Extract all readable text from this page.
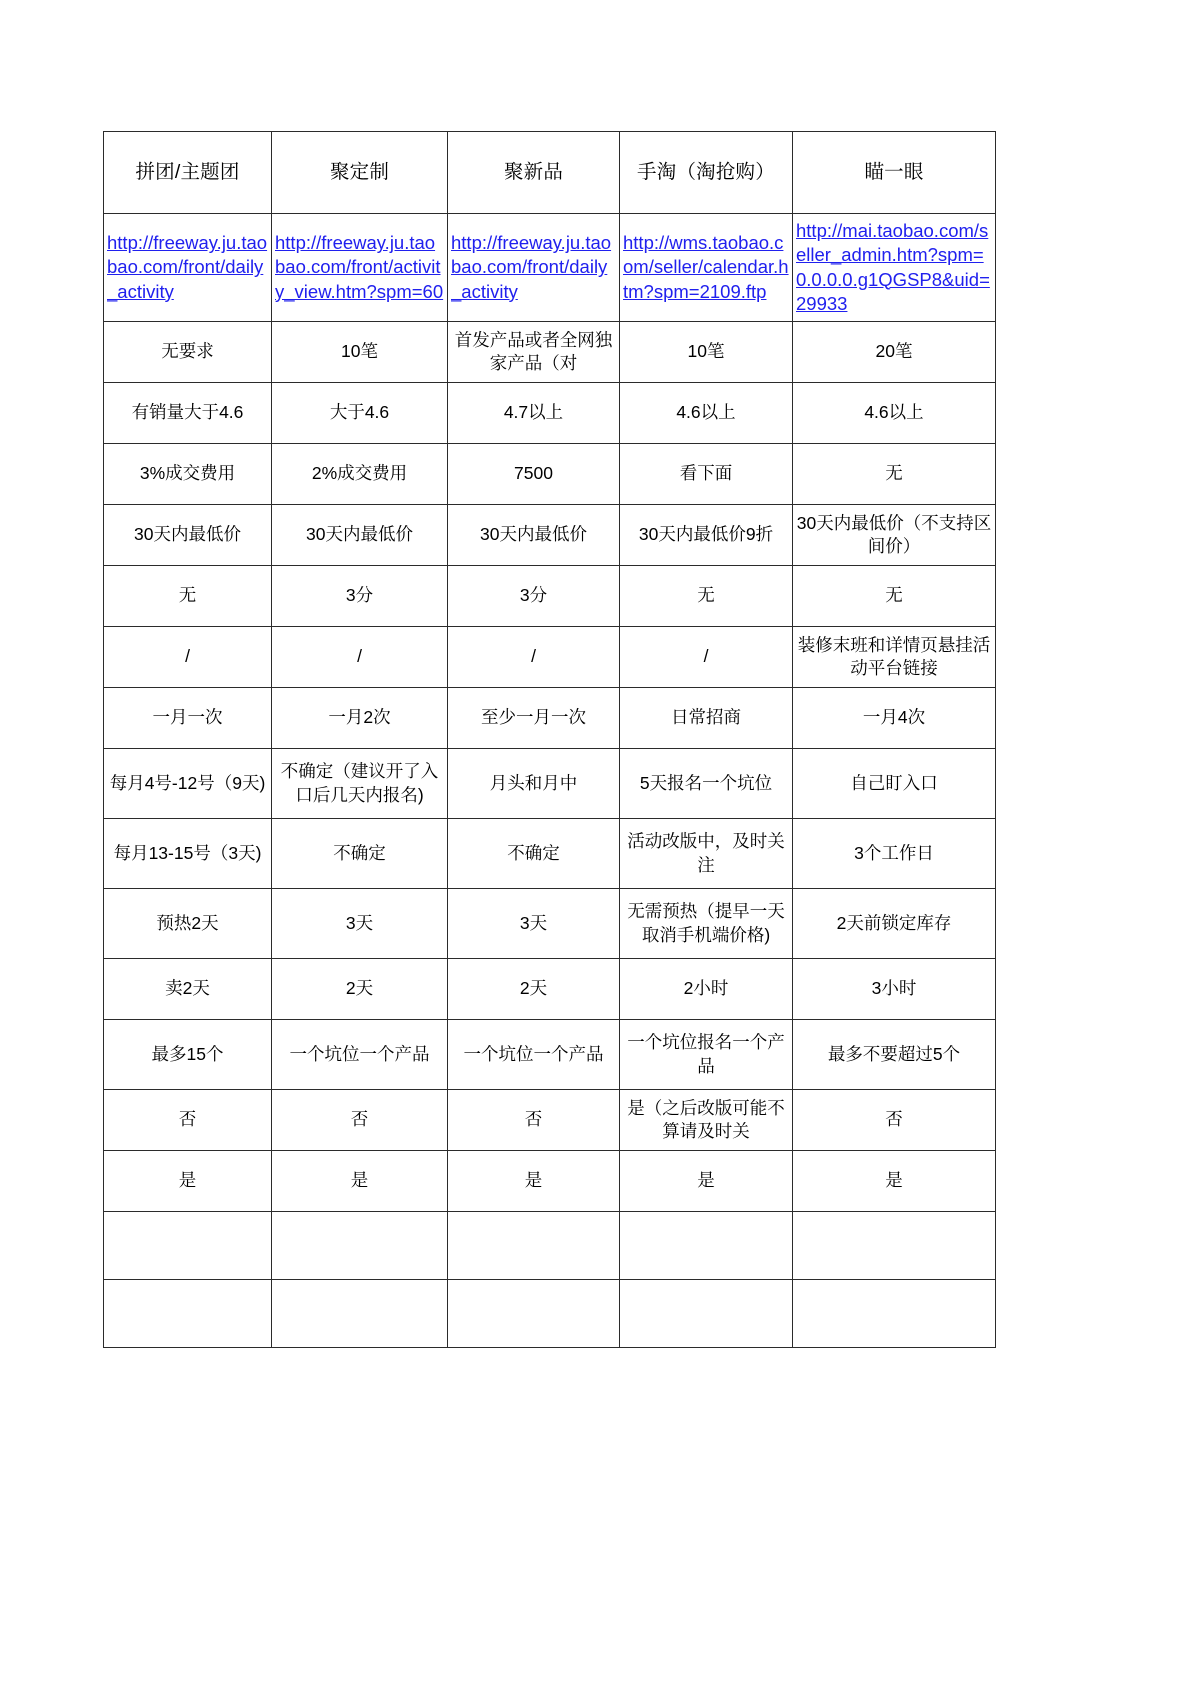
拼团/主题团	聚定制	聚新品	手淘（淘抢购）	瞄一眼

http://freeway.ju.taobao.com/front/daily_activity	http://freeway.ju.taobao.com/front/activity_view.htm?spm=60	http://freeway.ju.taobao.com/front/daily_activity	http://wms.taobao.com/seller/calendar.htm?spm=2109.ftp	http://mai.taobao.com/seller_admin.htm?spm=0.0.0.0.g1QGSP8&uid=29933

无要求	10笔	首发产品或者全网独家产品（对	10笔	20笔

有销量大于4.6	大于4.6	4.7以上	4.6以上	4.6以上

3%成交费用	2%成交费用	7500	看下面	无

30天内最低价	30天内最低价	30天内最低价	30天内最低价9折	30天内最低价（不支持区间价）

无	3分	3分	无	无

/	/	/	/	装修末班和详情页悬挂活动平台链接

一月一次	一月2次	至少一月一次	日常招商	一月4次

每月4号-12号（9天)	不确定（建议开了入口后几天内报名)	月头和月中	5天报名一个坑位	自己盯入口

每月13-15号（3天)	不确定	不确定	活动改版中，及时关注	3个工作日

预热2天	3天	3天	无需预热（提早一天取消手机端价格)	2天前锁定库存

卖2天	2天	2天	2小时	3小时

最多15个	一个坑位一个产品	一个坑位一个产品	一个坑位报名一个产品	最多不要超过5个

否	否	否	是（之后改版可能不算请及时关	否

是	是	是	是	是
